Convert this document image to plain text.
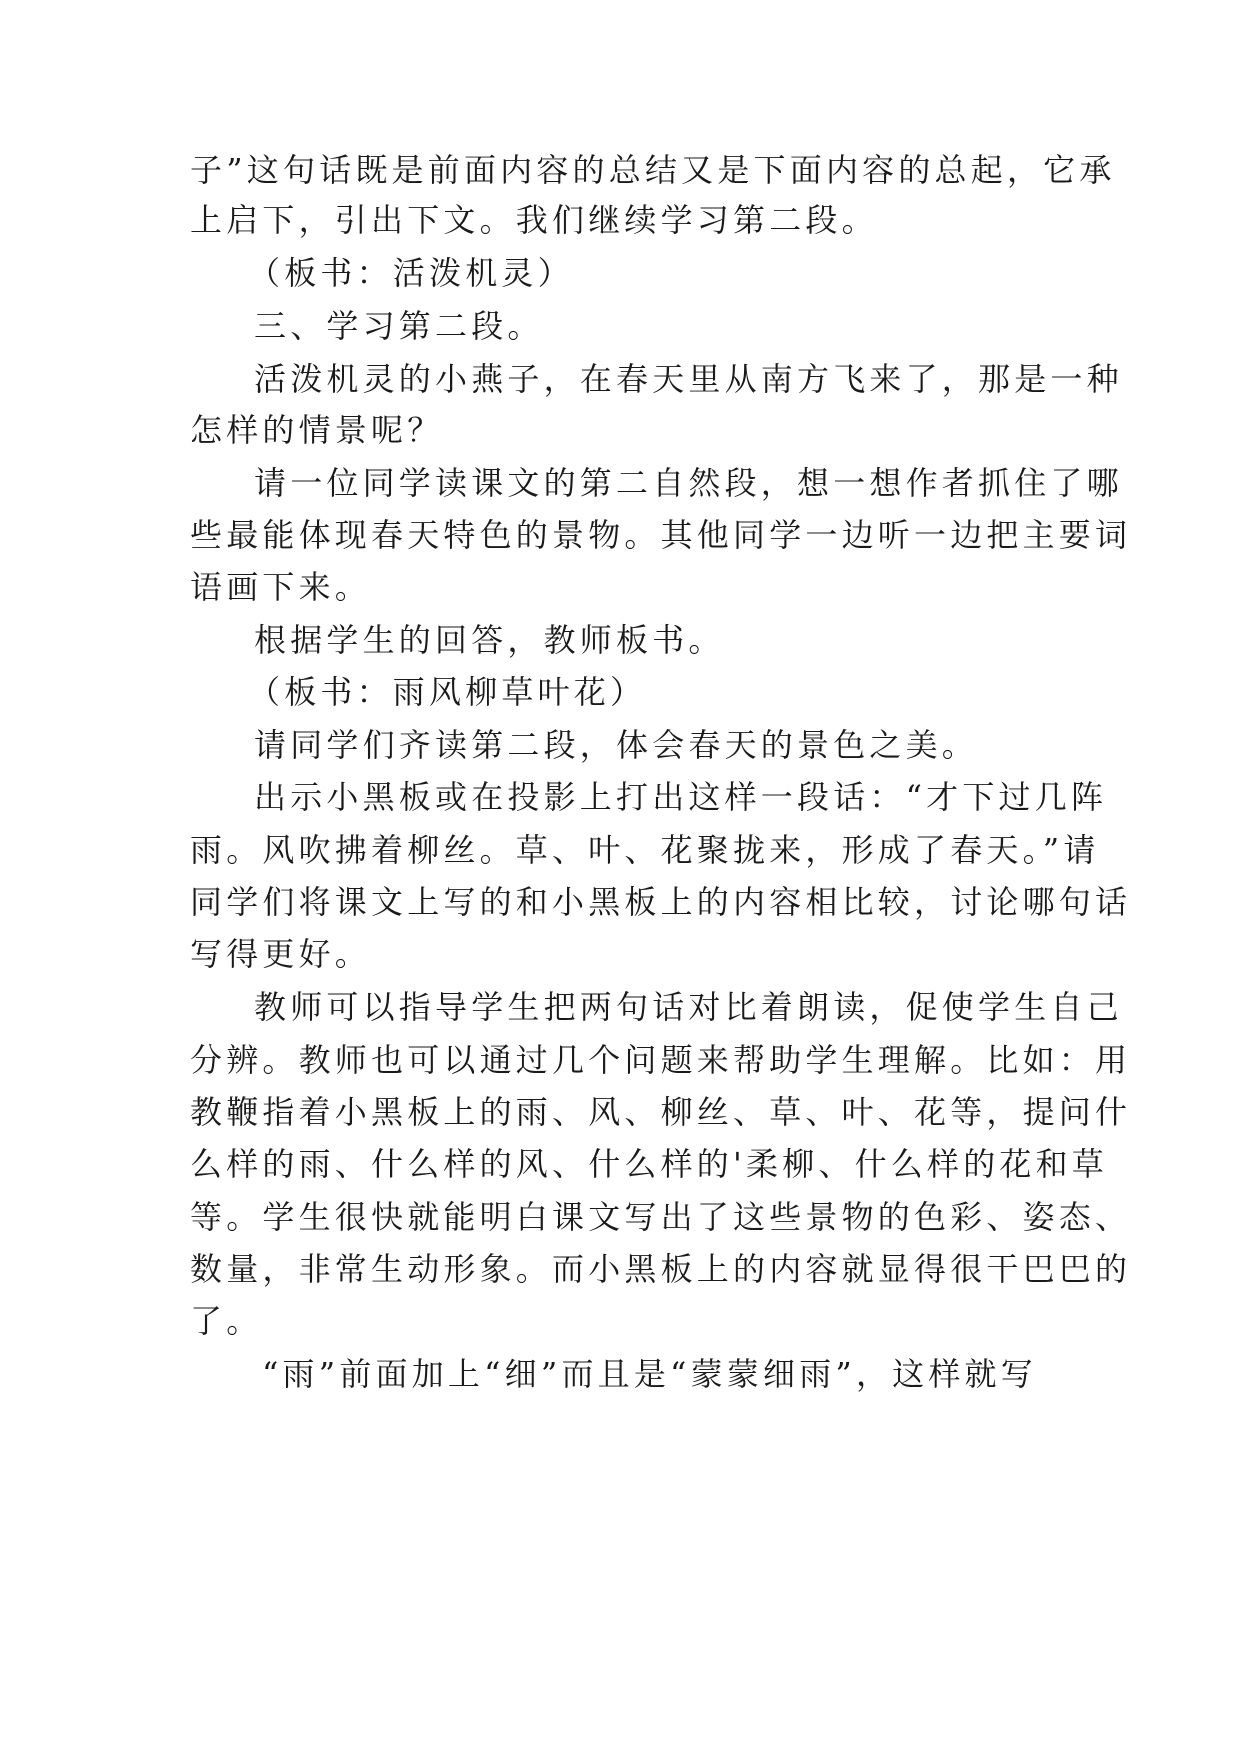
子”这句话既是前面内容的总结又是下面内容的总起，它承
上启下，引出下文。我们继续学习第二段。
（板书：活泼机灵）
三、学习第二段。
活泼机灵的小燕子，在春天里从南方飞来了，那是一种
怎样的情景呢？
请一位同学读课文的第二自然段，想一想作者抓住了哪
些最能体现春天特色的景物。其他同学一边听一边把主要词
语画下来。
根据学生的回答，教师板书。
（板书：雨风柳草叶花）
请同学们齐读第二段，体会春天的景色之美。
出示小黑板或在投影上打出这样一段话：“才下过几阵
雨。风吹拂着柳丝。草、叶、花聚拢来，形成了春天。”请
同学们将课文上写的和小黑板上的内容相比较，讨论哪句话
写得更好。
教师可以指导学生把两句话对比着朗读，促使学生自己
分辨。教师也可以通过几个问题来帮助学生理解。比如：用
教鞭指着小黑板上的雨、风、柳丝、草、叶、花等，提问什
么样的雨、什么样的风、什么样的'柔柳、什么样的花和草
等。学生很快就能明白课文写出了这些景物的色彩、姿态、
数量，非常生动形象。而小黑板上的内容就显得很干巴巴的
了。
“雨”前面加上“细”而且是“蒙蒙细雨”，这样就写
